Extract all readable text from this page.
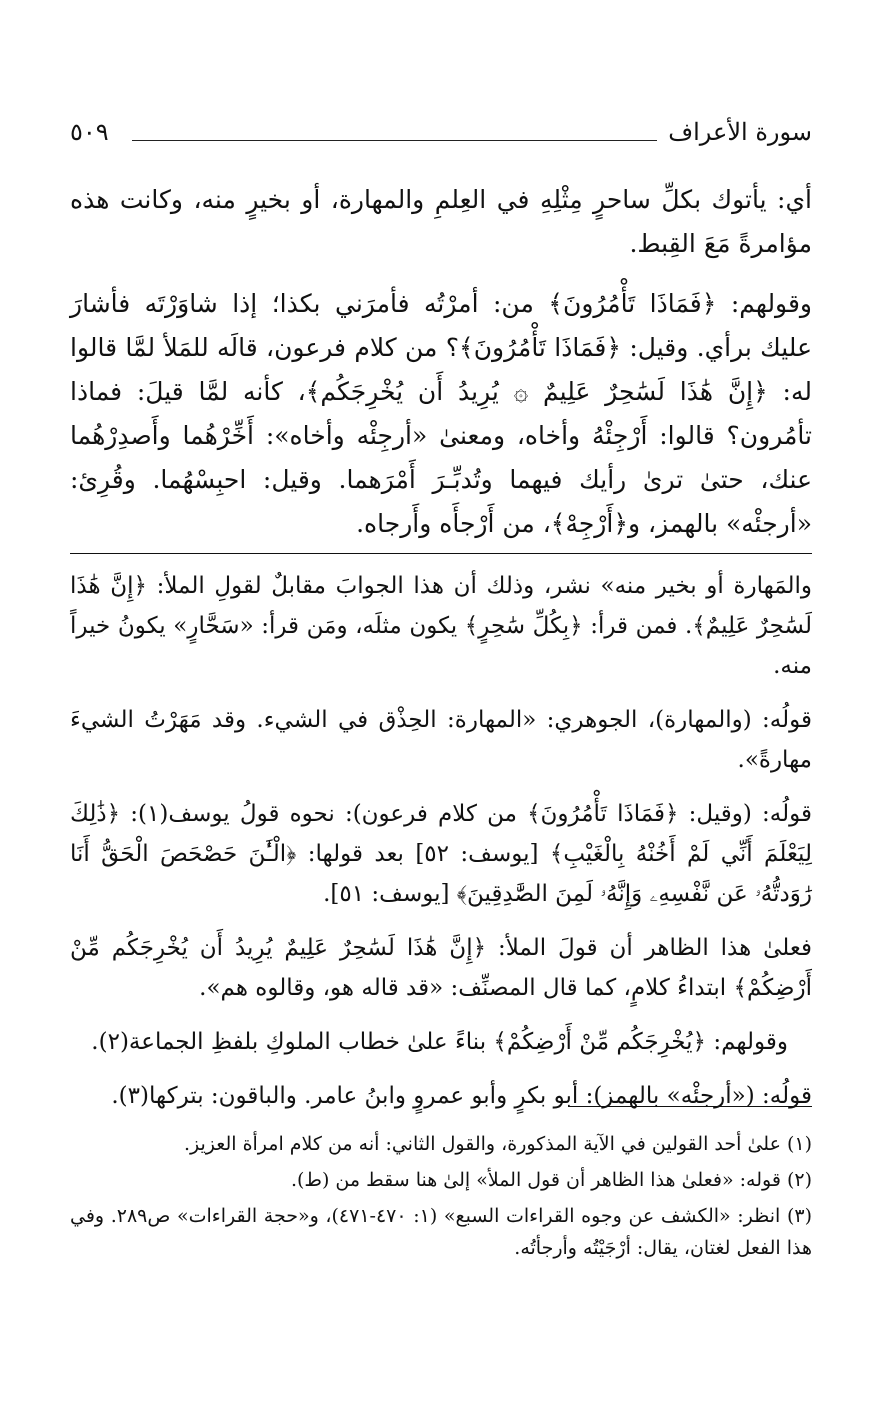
سورة الأعراف
٥٠٩

أي: يأتوك بكلِّ ساحرٍ مِثْلِهِ في العِلمِ والمهارة، أو بخيرٍ منه، وكانت هذه مؤامرةً مَعَ القِبط.

وقولهم: ﴿فَمَاذَا تَأْمُرُونَ﴾ من: أمرْتُه فأمرَني بكذا؛ إذا شاوَرْتَه فأشارَ عليك برأي. وقيل: ﴿فَمَاذَا تَأْمُرُونَ﴾؟ من كلام فرعون، قالَه للمَلأ لمَّا قالوا له: ﴿إِنَّ هَٰذَا لَسَٰحِرٌ عَلِيمٌ ۞ يُرِيدُ أَن يُخْرِجَكُم﴾، كأنه لمَّا قيلَ: فماذا تأمُرون؟ قالوا: أَرْجِئْهُ وأخاه، ومعنىٰ «أرجِئْه وأخاه»: أَخِّرْهُما وأَصدِرْهُما عنك، حتىٰ ترىٰ رأيك فيهما وتُدبِّـرَ أَمْرَهما. وقيل: احبِسْهُما. وقُرِئ: «أرجئْه» بالهمز، و﴿أَرْجِهْ﴾، من أَرْجأَه وأَرجاه.

والمَهارة أو بخير منه» نشر، وذلك أن هذا الجوابَ مقابلٌ لقولِ الملأ: ﴿إِنَّ هَٰذَا لَسَٰحِرٌ عَلِيمٌ﴾. فمن قرأ: ﴿بِكُلِّ سَٰحِرٍ﴾ يكون مثلَه، ومَن قرأ: «سَحَّارٍ» يكونُ خيراً منه.

قولُه: (والمهارة)، الجوهري: «المهارة: الحِذْق في الشيء. وقد مَهَرْتُ الشيءَ مهارةً».

قولُه: (وقيل: ﴿فَمَاذَا تَأْمُرُونَ﴾ من كلام فرعون): نحوه قولُ يوسف(١): ﴿ذَٰلِكَ لِيَعْلَمَ أَنِّي لَمْ أَخُنْهُ بِالْغَيْبِ﴾ [يوسف: ٥٢] بعد قولها: ﴿الْـَٰٔنَ حَصْحَصَ الْحَقُّ أَنَا رَٰوَدتُّهُۥ عَن نَّفْسِهِۦ وَإِنَّهُۥ لَمِنَ الصَّٰدِقِينَ﴾ [يوسف: ٥١].

فعلىٰ هذا الظاهر أن قولَ الملأ: ﴿إِنَّ هَٰذَا لَسَٰحِرٌ عَلِيمٌ يُرِيدُ أَن يُخْرِجَكُم مِّنْ أَرْضِكُمْ﴾ ابتداءُ كلامٍ، كما قال المصنِّف: «قد قاله هو، وقالوه هم».

وقولهم: ﴿يُخْرِجَكُم مِّنْ أَرْضِكُمْ﴾ بناءً علىٰ خطاب الملوكِ بلفظِ الجماعة(٢).

قولُه: («أرجئْه» بالهمز): أبو بكرٍ وأبو عمروٍ وابنُ عامر. والباقون: بتركها(٣).

(١) علىٰ أحد القولين في الآية المذكورة، والقول الثاني: أنه من كلام امرأة العزيز.

(٢) قوله: «فعلىٰ هذا الظاهر أن قول الملأ» إلىٰ هنا سقط من (ط).

(٣) انظر: «الكشف عن وجوه القراءات السبع» (١: ٤٧٠-٤٧١)، و«حجة القراءات» ص٢٨٩. وفي هذا الفعل لغتان، يقال: أرْجَيْتُه وأرجأتُه.
